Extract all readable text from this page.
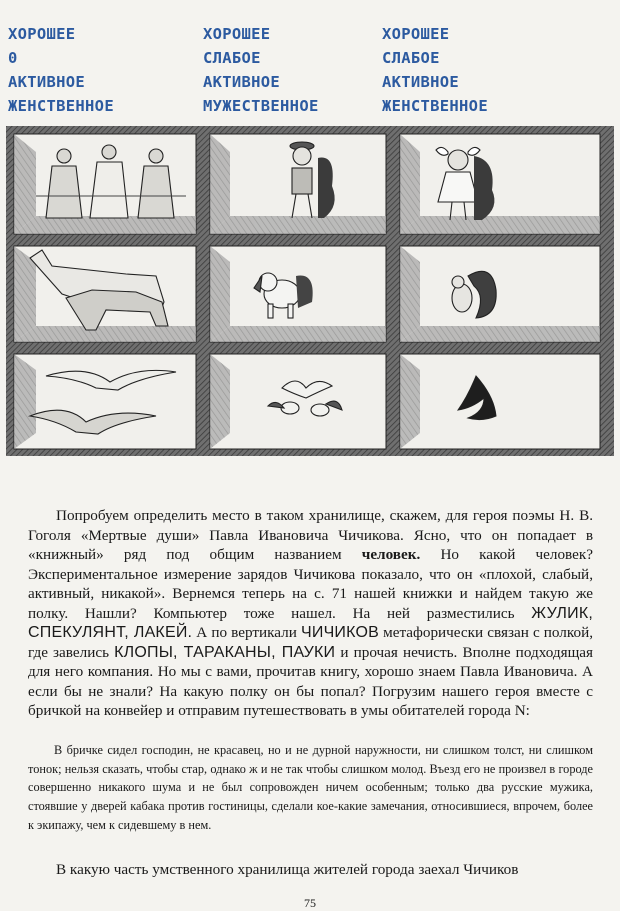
ХОРОШЕЕ
0
АКТИВНОЕ
ЖЕНСТВЕННОЕ
ХОРОШЕЕ
СЛАБОЕ
АКТИВНОЕ
МУЖЕСТВЕННОЕ
ХОРОШЕЕ
СЛАБОЕ
АКТИВНОЕ
ЖЕНСТВЕННОЕ

Попробуем определить место в таком хранилище, скажем, для героя поэмы Н. В. Гоголя «Мертвые души» Павла Ивановича Чичикова. Ясно, что он попадает в «книжный» ряд под общим названием человек. Но какой человек? Экспериментальное измерение зарядов Чичикова показало, что он «плохой, слабый, активный, никакой». Вернемся теперь на с. 71 нашей книжки и найдем такую же полку. Нашли? Компьютер тоже нашел. На ней разместились ЖУЛИК, СПЕКУЛЯНТ, ЛАКЕЙ. А по вертикали ЧИЧИКОВ метафорически связан с полкой, где завелись КЛОПЫ, ТАРАКАНЫ, ПАУКИ и прочая нечисть. Вполне подходящая для него компания. Но мы с вами, прочитав книгу, хорошо знаем Павла Ивановича. А если бы не знали? На какую полку он бы попал? Погрузим нашего героя вместе с бричкой на конвейер и отправим путешествовать в умы обитателей города N:

В бричке сидел господин, не красавец, но и не дурной наружности, ни слишком толст, ни слишком тонок; нельзя сказать, чтобы стар, однако ж и не так чтобы слишком молод. Въезд его не произвел в городе совершенно никакого шума и не был сопровожден ничем особенным; только два русские мужика, стоявшие у дверей кабака против гостиницы, сделали кое-какие замечания, относившиеся, впрочем, более к экипажу, чем к сидевшему в нем.

В какую часть умственного хранилища жителей города заехал Чичиков

75
